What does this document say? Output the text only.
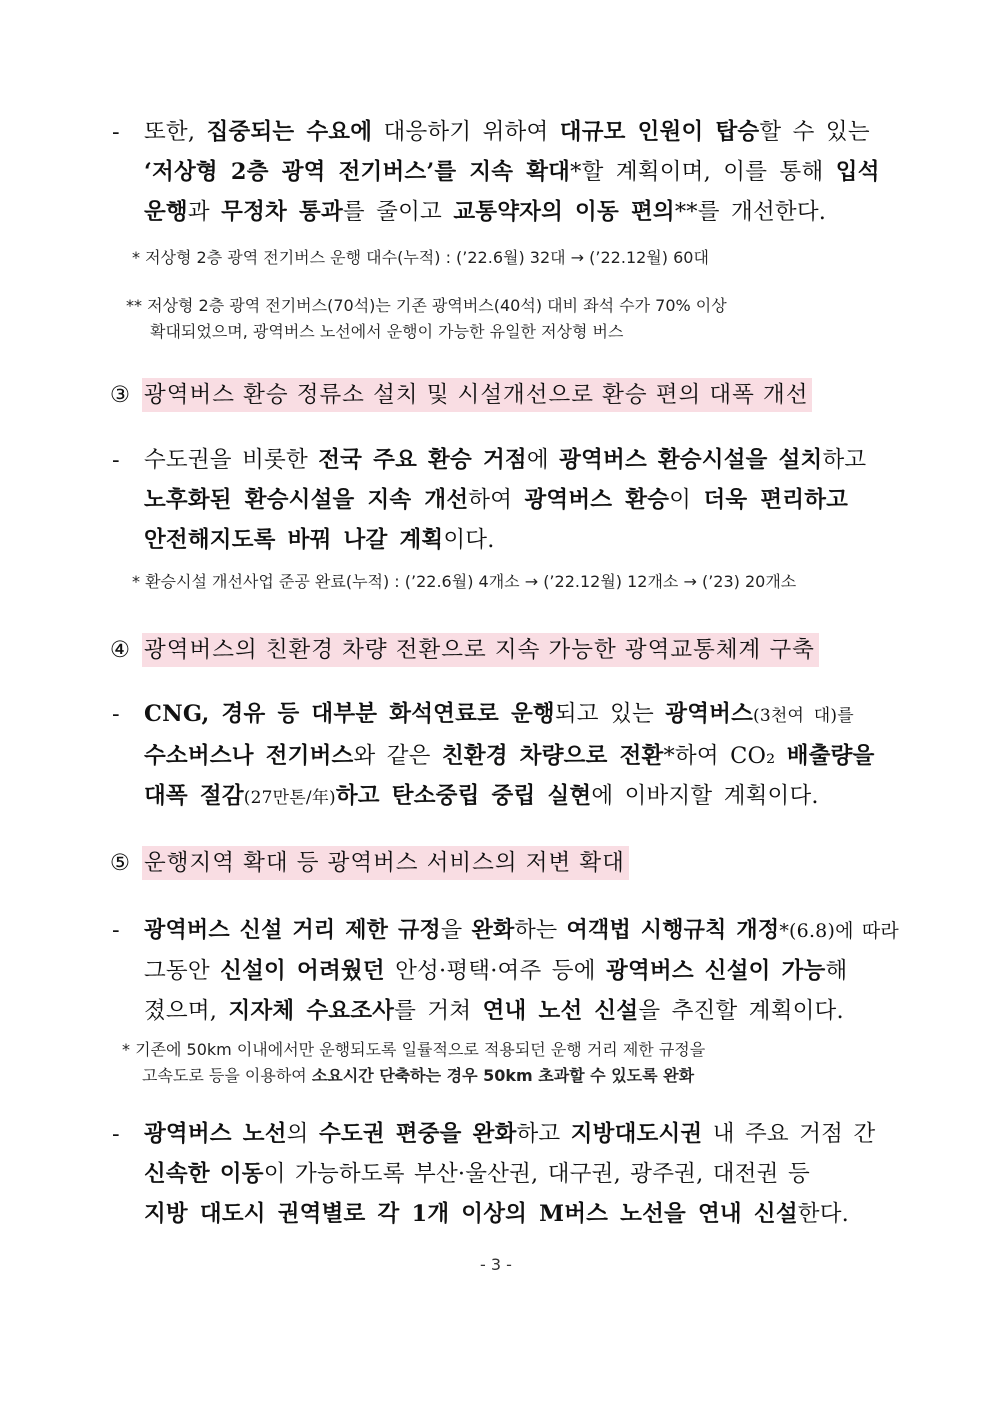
- 또한, 집중되는 수요에 대응하기 위하여 대규모 인원이 탑승할 수 있는
‘저상형 2층 광역 전기버스’를 지속 확대*할 계획이며, 이를 통해 입석
운행과 무정차 통과를 줄이고 교통약자의 이동 편의**를 개선한다.
* 저상형 2층 광역 전기버스 운행 대수(누적) : (’22.6월) 32대 → (’22.12월) 60대
** 저상형 2층 광역 전기버스(70석)는 기존 광역버스(40석) 대비 좌석 수가 70% 이상
확대되었으며, 광역버스 노선에서 운행이 가능한 유일한 저상형 버스
③ 광역버스 환승 정류소 설치 및 시설개선으로 환승 편의 대폭 개선
- 수도권을 비롯한 전국 주요 환승 거점에 광역버스 환승시설을 설치하고
노후화된 환승시설을 지속 개선하여 광역버스 환승이 더욱 편리하고
안전해지도록 바꿔 나갈 계획이다.
* 환승시설 개선사업 준공 완료(누적) : (’22.6월) 4개소 → (’22.12월) 12개소 → (’23) 20개소
④ 광역버스의 친환경 차량 전환으로 지속 가능한 광역교통체계 구축
- CNG, 경유 등 대부분 화석연료로 운행되고 있는 광역버스(3천여 대)를
수소버스나 전기버스와 같은 친환경 차량으로 전환*하여 CO₂ 배출량을
대폭 절감(27만톤/年)하고 탄소중립 중립 실현에 이바지할 계획이다.
⑤ 운행지역 확대 등 광역버스 서비스의 저변 확대
- 광역버스 신설 거리 제한 규정을 완화하는 여객법 시행규칙 개정*(6.8)에 따라
그동안 신설이 어려웠던 안성·평택·여주 등에 광역버스 신설이 가능해
졌으며, 지자체 수요조사를 거쳐 연내 노선 신설을 추진할 계획이다.
* 기존에 50km 이내에서만 운행되도록 일률적으로 적용되던 운행 거리 제한 규정을
고속도로 등을 이용하여 소요시간 단축하는 경우 50km 초과할 수 있도록 완화
- 광역버스 노선의 수도권 편중을 완화하고 지방대도시권 내 주요 거점 간
신속한 이동이 가능하도록 부산·울산권, 대구권, 광주권, 대전권 등
지방 대도시 권역별로 각 1개 이상의 M버스 노선을 연내 신설한다.
- 3 -
